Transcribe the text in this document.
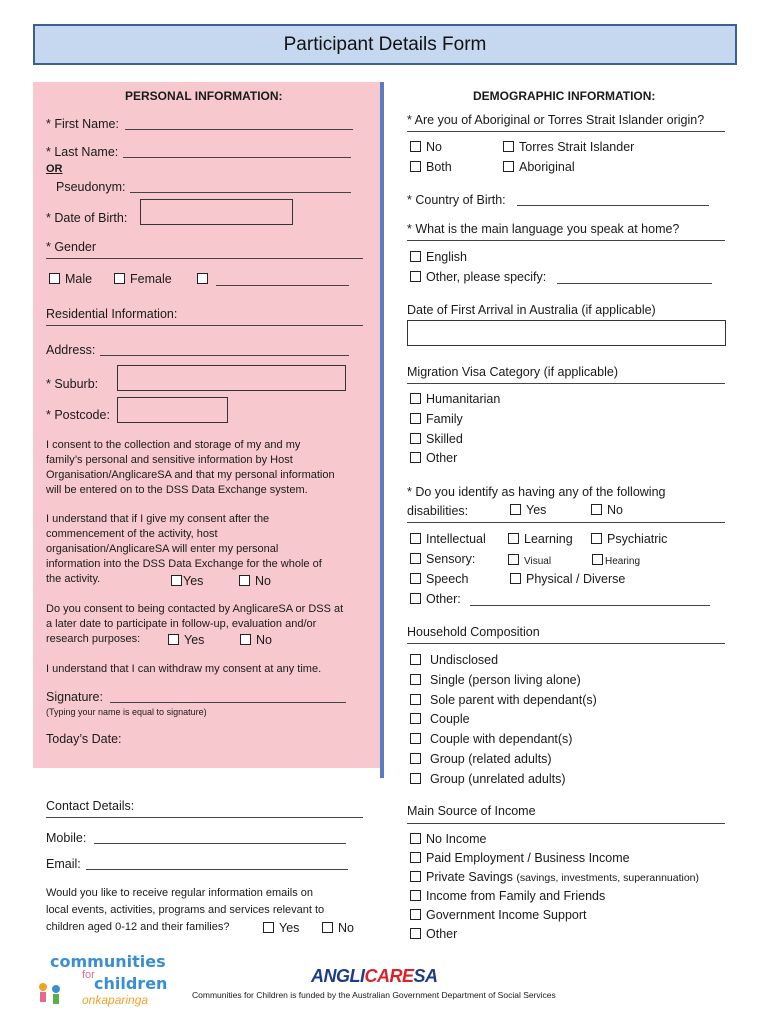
Participant Details Form
PERSONAL INFORMATION:
* First Name:
* Last Name:
OR
Pseudonym:
* Date of Birth:
* Gender
Male	Female
Residential Information:
Address:
* Suburb:
* Postcode:
I consent to the collection and storage of my and my
family’s personal and sensitive information by Host
Organisation/AnglicareSA and that my personal information
will be entered on to the DSS Data Exchange system.
I understand that if I give my consent after the
commencement of the activity, host
organisation/AnglicareSA will enter my personal
information into the DSS Data Exchange for the whole of
the activity.	Yes	No
Do you consent to being contacted by AnglicareSA or DSS at
a later date to participate in follow-up, evaluation and/or
research purposes:	Yes	No
I understand that I can withdraw my consent at any time.
Signature:
(Typing your name is equal to signature)
Today’s Date:
Contact Details:
Mobile:
Email:
Would you like to receive regular information emails on
local events, activities, programs and services relevant to
children aged 0-12 and their families?	Yes	No
DEMOGRAPHIC INFORMATION:
* Are you of Aboriginal or Torres Strait Islander origin?
No	Torres Strait Islander
Both	Aboriginal
* Country of Birth:
* What is the main language you speak at home?
English
Other, please specify:
Date of First Arrival in Australia (if applicable)
Migration Visa Category (if applicable)
Humanitarian
Family
Skilled
Other
* Do you identify as having any of the following
disabilities:	Yes	No
Intellectual	Learning	Psychiatric
Sensory:	Visual	Hearing
Speech	Physical / Diverse
Other:
Household Composition
Undisclosed
Single (person living alone)
Sole parent with dependant(s)
Couple
Couple with dependant(s)
Group (related adults)
Group (unrelated adults)
Main Source of Income
No Income
Paid Employment / Business Income
Private Savings (savings, investments, superannuation)
Income from Family and Friends
Government Income Support
Other
communities
for children
onkaparinga
ANGLICARESA
Communities for Children is funded by the Australian Government Department of Social Services
